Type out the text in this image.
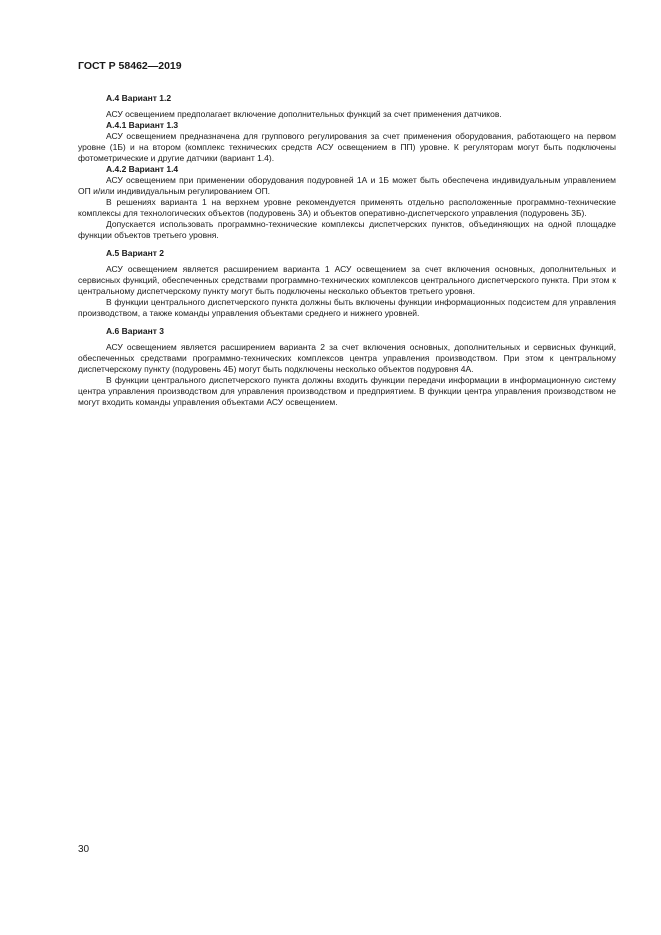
ГОСТ Р 58462—2019
А.4 Вариант 1.2

АСУ освещением предполагает включение дополнительных функций за счет применения датчиков.

А.4.1 Вариант 1.3

АСУ освещением предназначена для группового регулирования за счет применения оборудования, работающего на первом уровне (1Б) и на втором (комплекс технических средств АСУ освещением в ПП) уровне. К регуляторам могут быть подключены фотометрические и другие датчики (вариант 1.4).

А.4.2 Вариант 1.4

АСУ освещением при применении оборудования подуровней 1А и 1Б может быть обеспечена индивидуальным управлением ОП и/или индивидуальным регулированием ОП.

В решениях варианта 1 на верхнем уровне рекомендуется применять отдельно расположенные программно-технические комплексы для технологических объектов (подуровень 3А) и объектов оперативно-диспетчерского управления (подуровень 3Б).

Допускается использовать программно-технические комплексы диспетчерских пунктов, объединяющих на одной площадке функции объектов третьего уровня.

А.5 Вариант 2

АСУ освещением является расширением варианта 1 АСУ освещением за счет включения основных, дополнительных и сервисных функций, обеспеченных средствами программно-технических комплексов центрального диспетчерского пункта. При этом к центральному диспетчерскому пункту могут быть подключены несколько объектов третьего уровня.

В функции центрального диспетчерского пункта должны быть включены функции информационных подсистем для управления производством, а также команды управления объектами среднего и нижнего уровней.

А.6 Вариант 3

АСУ освещением является расширением варианта 2 за счет включения основных, дополнительных и сервисных функций, обеспеченных средствами программно-технических комплексов центра управления производством. При этом к центральному диспетчерскому пункту (подуровень 4Б) могут быть подключены несколько объектов подуровня 4А.

В функции центрального диспетчерского пункта должны входить функции передачи информации в информационную систему центра управления производством для управления производством и предприятием. В функции центра управления производством не могут входить команды управления объектами АСУ освещением.

30
